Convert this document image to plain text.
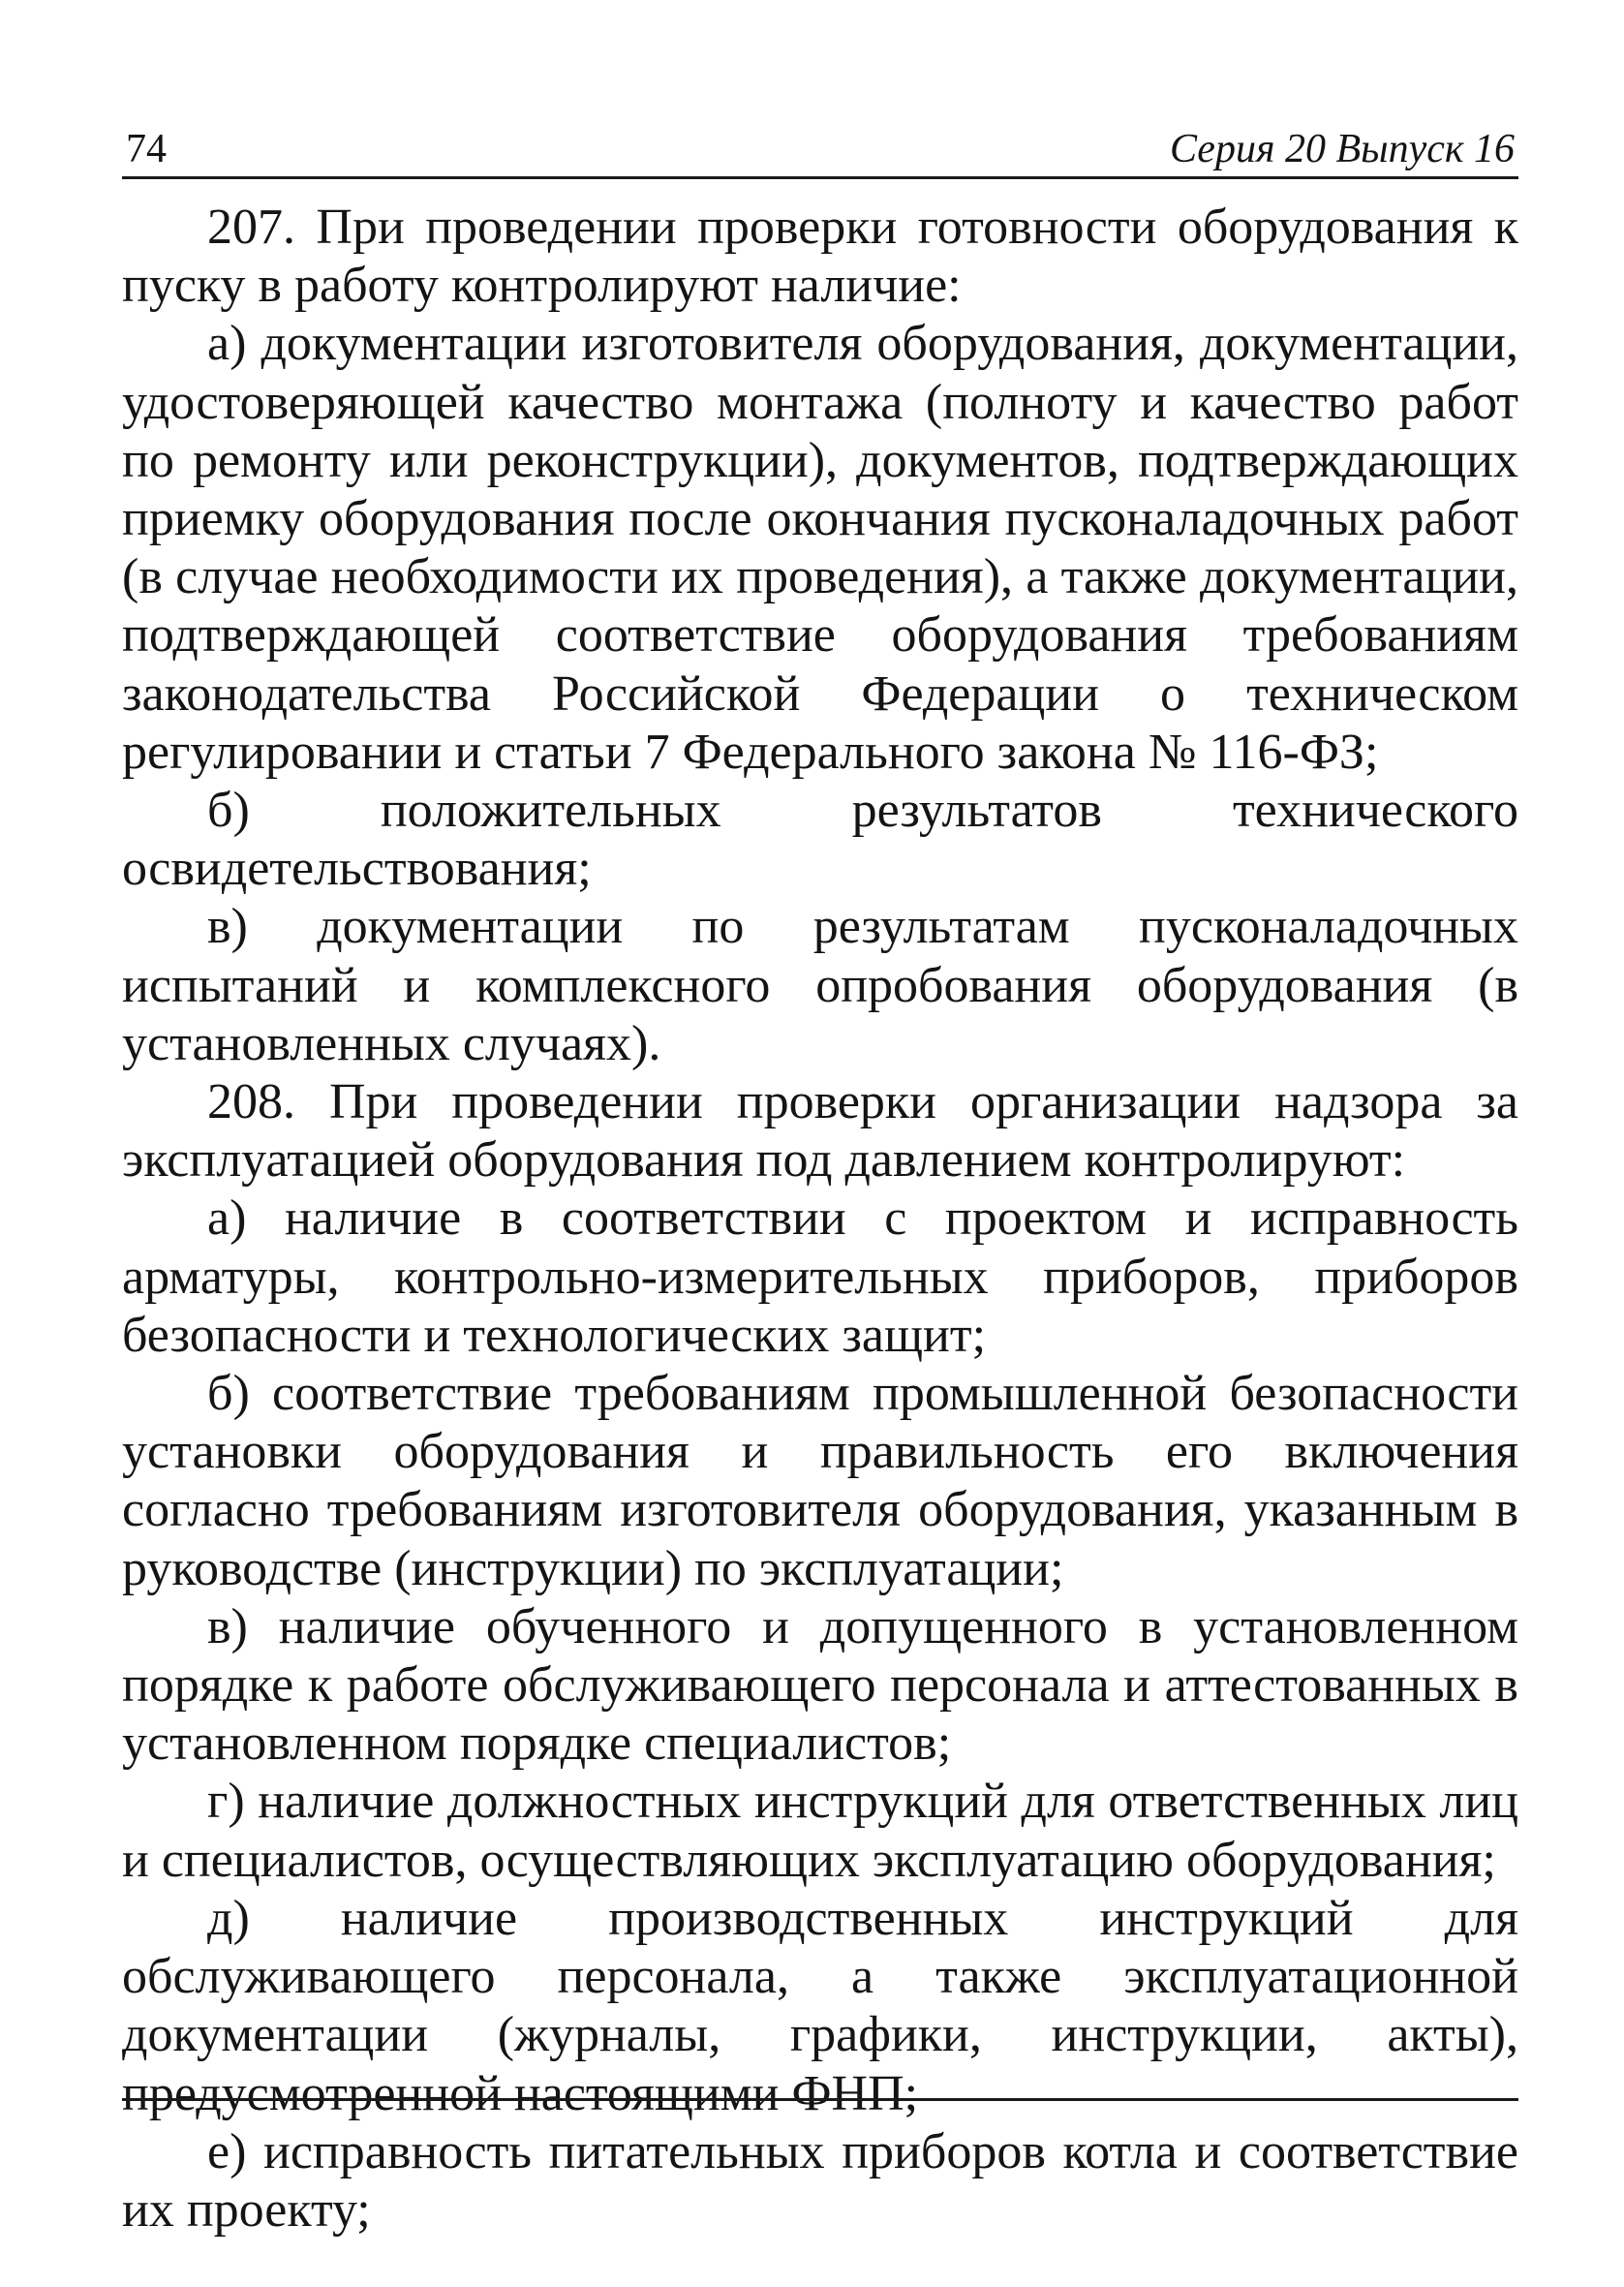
74	Серия 20 Выпуск 16

207. При проведении проверки готовности оборудования к пуску в работу контролируют наличие:

а) документации изготовителя оборудования, документации, удостоверяющей качество монтажа (полноту и качество работ по ремонту или реконструкции), документов, подтверждающих приемку оборудования после окончания пусконаладочных работ (в случае необходимости их проведения), а также документации, подтверждающей соответствие оборудования требованиям законодательства Российской Федерации о техническом регулировании и статьи 7 Федерального закона № 116-ФЗ;

б) положительных результатов технического освидетельствования;

в) документации по результатам пусконаладочных испытаний и комплексного опробования оборудования (в установленных случаях).

208. При проведении проверки организации надзора за эксплуатацией оборудования под давлением контролируют:

а) наличие в соответствии с проектом и исправность арматуры, контрольно-измерительных приборов, приборов безопасности и технологических защит;

б) соответствие требованиям промышленной безопасности установки оборудования и правильность его включения согласно требованиям изготовителя оборудования, указанным в руководстве (инструкции) по эксплуатации;

в) наличие обученного и допущенного в установленном порядке к работе обслуживающего персонала и аттестованных в установленном порядке специалистов;

г) наличие должностных инструкций для ответственных лиц и специалистов, осуществляющих эксплуатацию оборудования;

д) наличие производственных инструкций для обслуживающего персонала, а также эксплуатационной документации (журналы, графики, инструкции, акты), предусмотренной настоящими ФНП;

е) исправность питательных приборов котла и соответствие их проекту;
